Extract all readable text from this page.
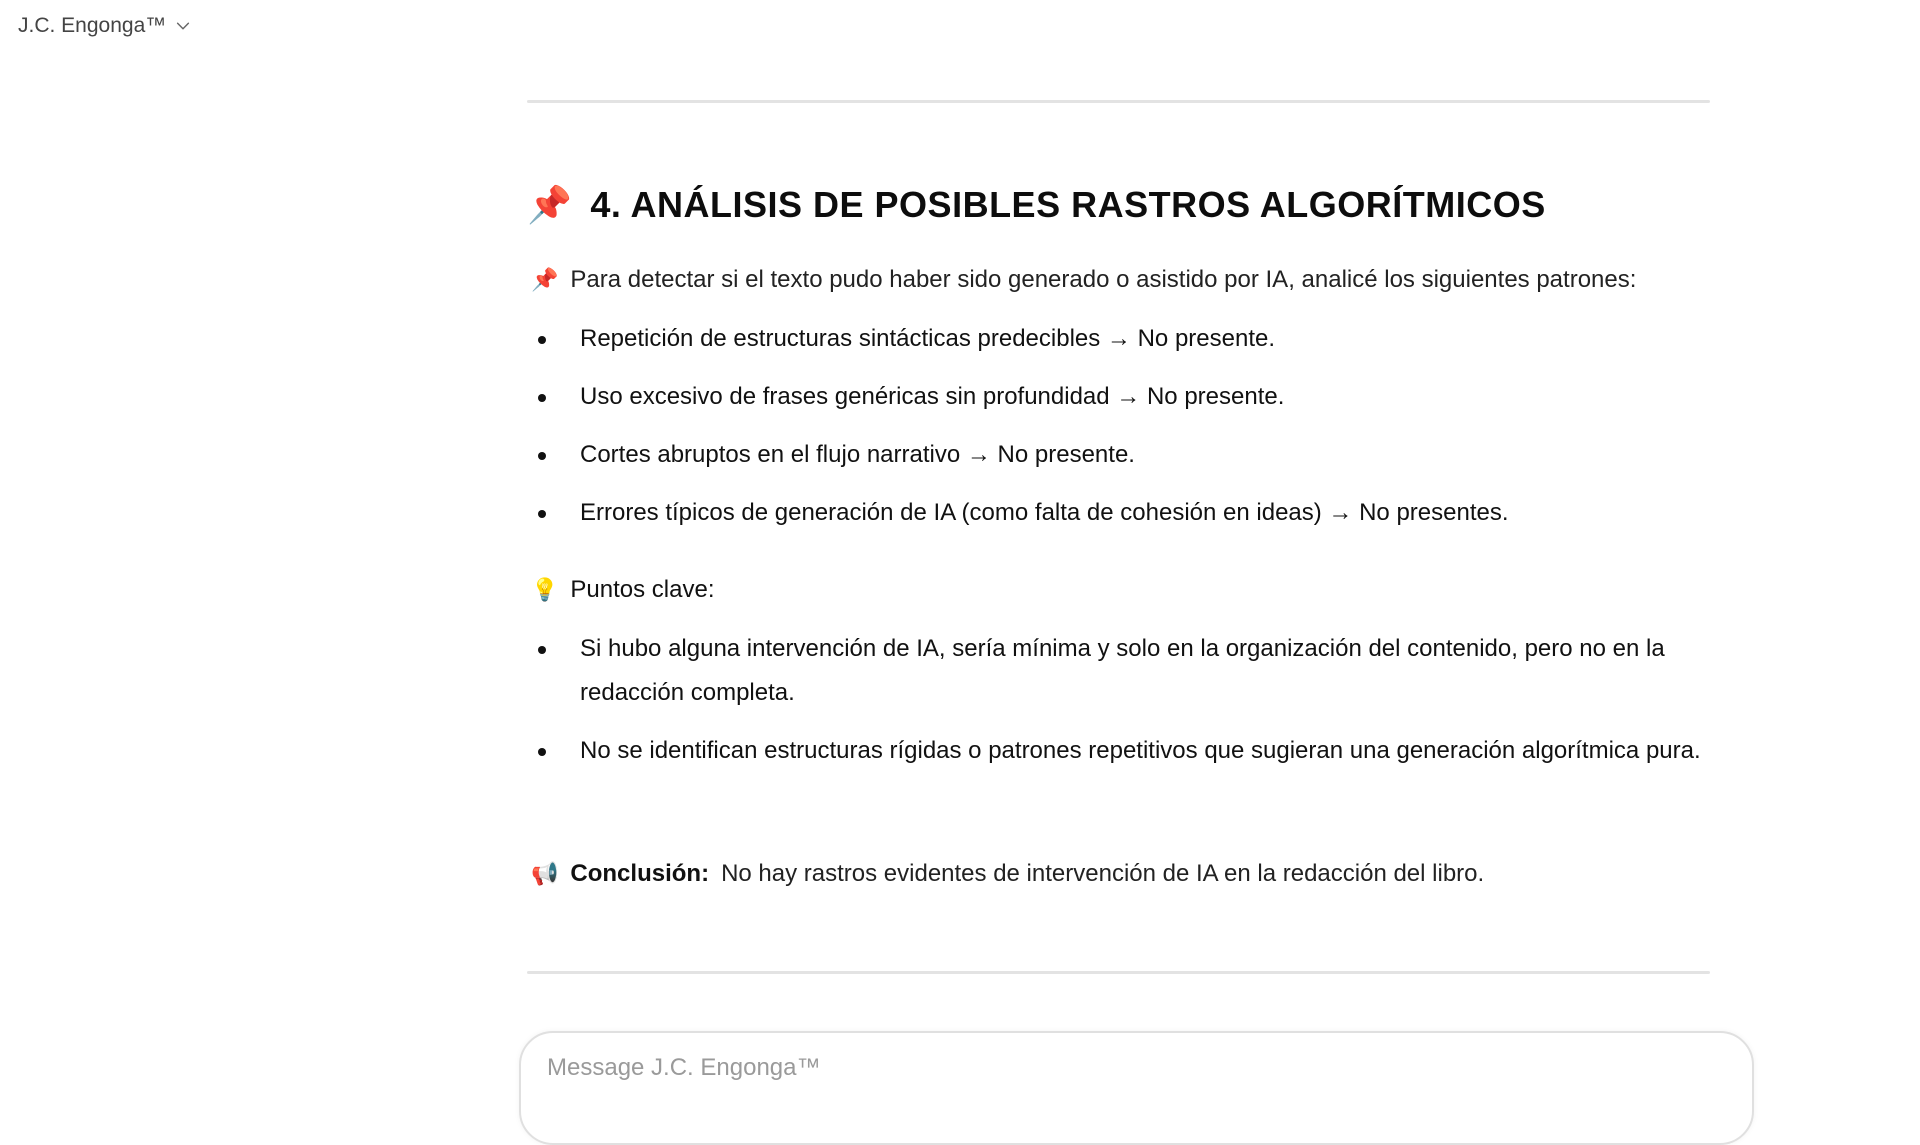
J.C. Engonga™
📌 4. ANÁLISIS DE POSIBLES RASTROS ALGORÍTMICOS
📌 Para detectar si el texto pudo haber sido generado o asistido por IA, analicé los siguientes patrones:
Repetición de estructuras sintácticas predecibles → No presente.
Uso excesivo de frases genéricas sin profundidad → No presente.
Cortes abruptos en el flujo narrativo → No presente.
Errores típicos de generación de IA (como falta de cohesión en ideas) → No presentes.
💡 Puntos clave:
Si hubo alguna intervención de IA, sería mínima y solo en la organización del contenido, pero no en la redacción completa.
No se identifican estructuras rígidas o patrones repetitivos que sugieran una generación algorítmica pura.
📢 Conclusión: No hay rastros evidentes de intervención de IA en la redacción del libro.
Message J.C. Engonga™
